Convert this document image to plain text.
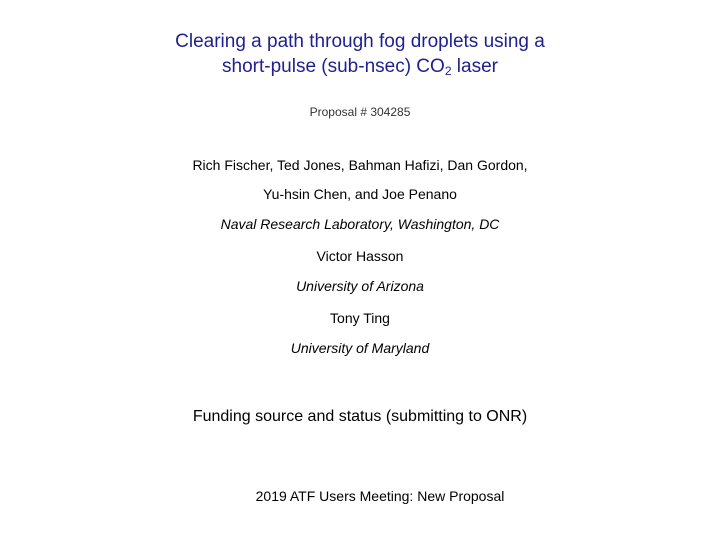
Clearing a path through fog droplets using a
short-pulse (sub-nsec) $CO_2$ laser
Proposal # 304285
Rich Fischer, Ted Jones, Bahman Hafizi, Dan Gordon,
Yu-hsin Chen, and Joe Penano
Naval Research Laboratory, Washington, DC
Victor Hasson
University of Arizona
Tony Ting
University of Maryland
Funding source and status (submitting to ONR)
2019 ATF Users Meeting: New Proposal
